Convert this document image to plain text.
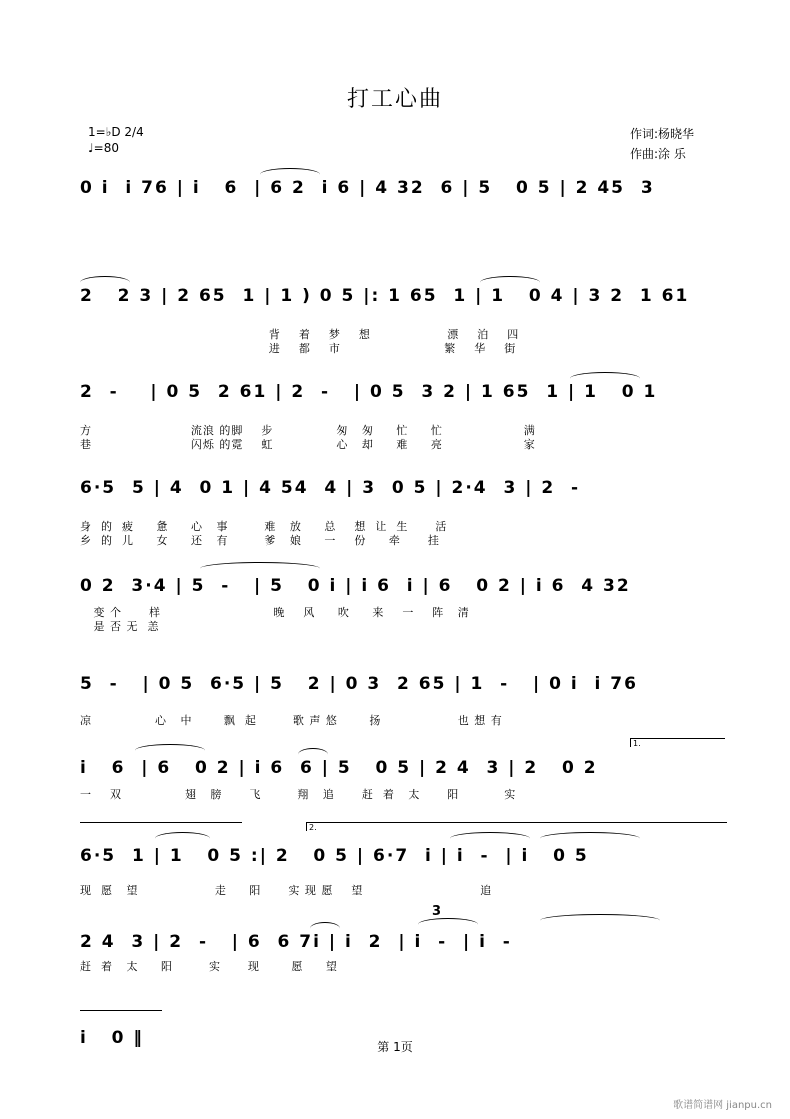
打工心曲
1=♭D 2/4
♩=80
作词:杨晓华
作曲:涂 乐
0 i  i 76 | i   6  | 6 2  i 6 | 4 32  6 | 5   0 5 | 2 45  3
2   2 3 | 2 65  1 | 1 ) 0 5 |: 1 65  1 | 1   0 4 | 3 2  1 61
背    着    梦    想                 漂    泊    四
进    都    市                       繁    华    街
2  -    | 0 5  2 61 | 2  -   | 0 5  3 2 | 1 65  1 | 1   0 1
方                      流浪 的脚    步              匆   匆     忙     忙                  满
巷                      闪烁 的霓    虹              心   却     难     亮                  家
6·5  5 | 4  0 1 | 4 54  4 | 3  0 5 | 2·4  3 | 2  -
身  的  疲     惫     心   事        难   放     总    想  让  生      活
乡  的  儿     女     还   有        爹   娘     一    份     牵      挂
0 2  3·4 | 5  -   | 5   0 i | i 6  i | 6   0 2 | i 6  4 32
变 个      样                         晚    风     吹     来    一    阵   清
是 否 无  恙
5  -   | 0 5  6·5 | 5   2 | 0 3  2 65 | 1  -   | 0 i  i 76
凉              心   中       飘  起        歌 声 悠       扬                 也 想 有
1.
i   6  | 6   0 2 | i 6  6 | 5   0 5 | 2 4  3 | 2   0 2
一    双              翅   膀      飞        翔   追      赶  着   太      阳          实
2.
6·5  1 | 1   0 5 :| 2   0 5 | 6·7  i | i  -  | i   0 5
现  愿   望                 走     阳      实 现 愿    望                          追
2 4  3 | 2  -   | 6  6 7i | i  2  | i  -  | i  -
3
赶  着   太     阳        实      现       愿     望
i   0 ‖	第 1页
歌谱简谱网 jianpu.cn
